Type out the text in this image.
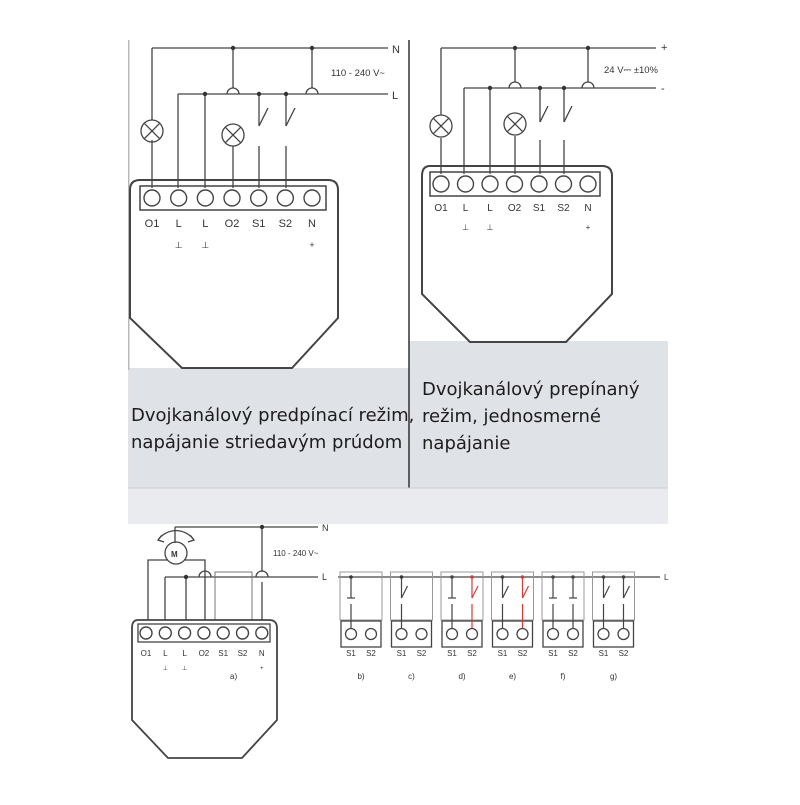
O1 L
⊥
L
⊥
O2 S1 S2 N
+
N
L
110 - 240 V~
O1 L
⊥
L
⊥
O2 S1 S2 N
+
+
-
24 V⎓ ±10%
M
O1 L
⊥
L
⊥
O2 S1 S2 N
+
N
L
110 - 240 V~
a)
L
S1 S2
b)
S1 S2
c)
S1 S2
d)
S1 S2
e)
S1 S2
f)
S1 S2
g)
Dvojkanálový predpínací režim,
napájanie striedavým prúdom
Dvojkanálový prepínaný
režim, jednosmerné
napájanie
